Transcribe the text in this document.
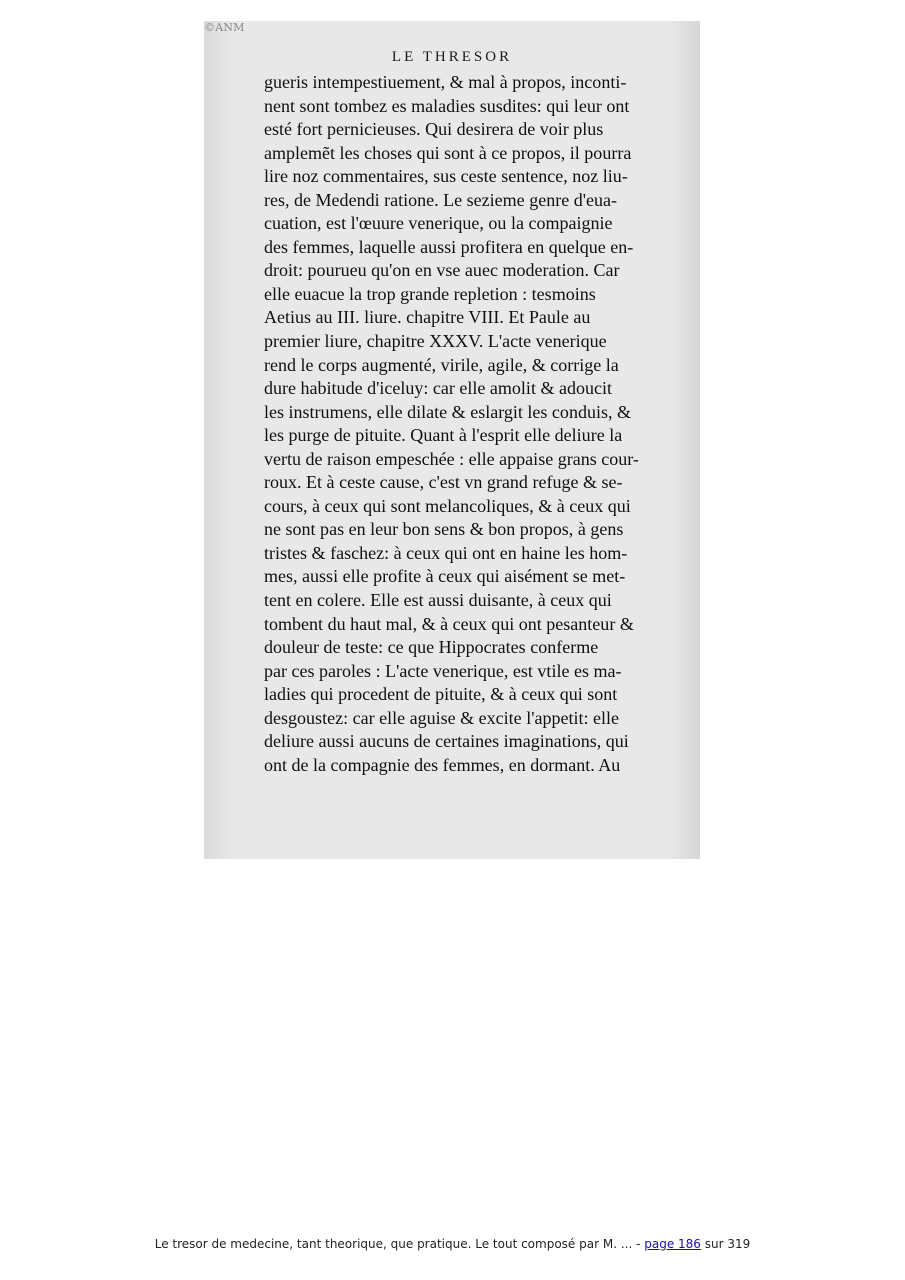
©ANM
LE THRESOR
gueris intempestiuement, & mal à propos, inconti-
nent sont tombez es maladies susdites: qui leur ont
esté fort pernicieuses. Qui desirera de voir plus
amplemẽt les choses qui sont à ce propos, il pourra
lire noz commentaires, sus ceste sentence, noz liu-
res, de Medendi ratione. Le sezieme genre d'eua-
cuation, est l'œuure venerique, ou la compaignie
des femmes, laquelle aussi profitera en quelque en-
droit: pourueu qu'on en vse auec moderation. Car
elle euacue la trop grande repletion : tesmoins
Aetius au III. liure. chapitre VIII. Et Paule au
premier liure, chapitre XXXV. L'acte venerique
rend le corps augmenté, virile, agile, & corrige la
dure habitude d'iceluy: car elle amolit & adoucit
les instrumens, elle dilate & eslargit les conduis, &
les purge de pituite. Quant à l'esprit elle deliure la
vertu de raison empeschée : elle appaise grans cour-
roux. Et à ceste cause, c'est vn grand refuge & se-
cours, à ceux qui sont melancoliques, & à ceux qui
ne sont pas en leur bon sens & bon propos, à gens
tristes & faschez: à ceux qui ont en haine les hom-
mes, aussi elle profite à ceux qui aisément se met-
tent en colere. Elle est aussi duisante, à ceux qui
tombent du haut mal, & à ceux qui ont pesanteur &
douleur de teste: ce que Hippocrates conferme
par ces paroles : L'acte venerique, est vtile es ma-
ladies qui procedent de pituite, & à ceux qui sont
desgoustez: car elle aguise & excite l'appetit: elle
deliure aussi aucuns de certaines imaginations, qui
ont de la compagnie des femmes, en dormant. Au
Le tresor de medecine, tant theorique, que pratique. Le tout composé par M. ... - page 186 sur 319
